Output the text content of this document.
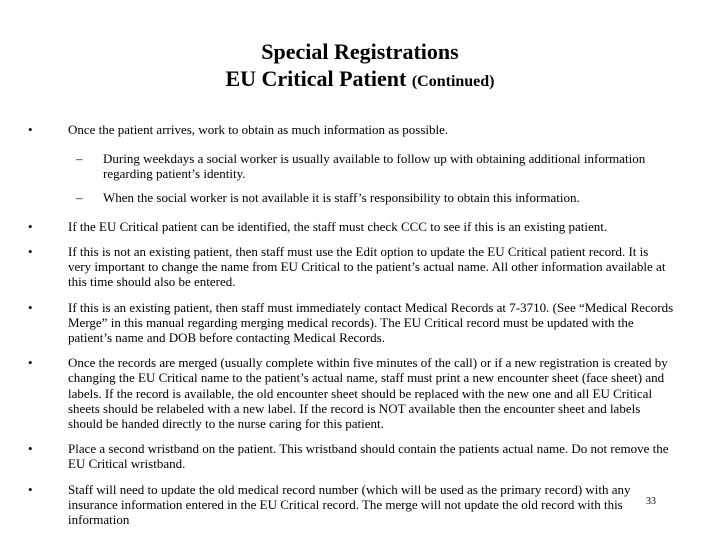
Special Registrations
EU Critical Patient (Continued)
•	Once the patient arrives, work to obtain as much information as possible.
– During weekdays a social worker is usually available to follow up with obtaining additional information regarding patient’s identity.
– When the social worker is not available it is staff’s responsibility to obtain this information.
•	If the EU Critical patient can be identified, the staff must check CCC to see if this is an existing patient.
•	If this is not an existing patient, then staff must use the Edit option to update the EU Critical patient record. It is very important to change the name from EU Critical to the patient’s actual name. All other information available at this time should also be entered.
•	If this is an existing patient, then staff must immediately contact Medical Records at 7-3710. (See “Medical Records Merge” in this manual regarding merging medical records). The EU Critical record must be updated with the patient’s name and DOB before contacting Medical Records.
•	Once the records are merged (usually complete within five minutes of the call) or if a new registration is created by changing the EU Critical name to the patient’s actual name, staff must print a new encounter sheet (face sheet) and labels. If the record is available, the old encounter sheet should be replaced with the new one and all EU Critical sheets should be relabeled with a new label. If the record is NOT available then the encounter sheet and labels should be handed directly to the nurse caring for this patient.
•	Place a second wristband on the patient. This wristband should contain the patients actual name. Do not remove the EU Critical wristband.
•	Staff will need to update the old medical record number (which will be used as the primary record) with any insurance information entered in the EU Critical record. The merge will not update the old record with this information
33
